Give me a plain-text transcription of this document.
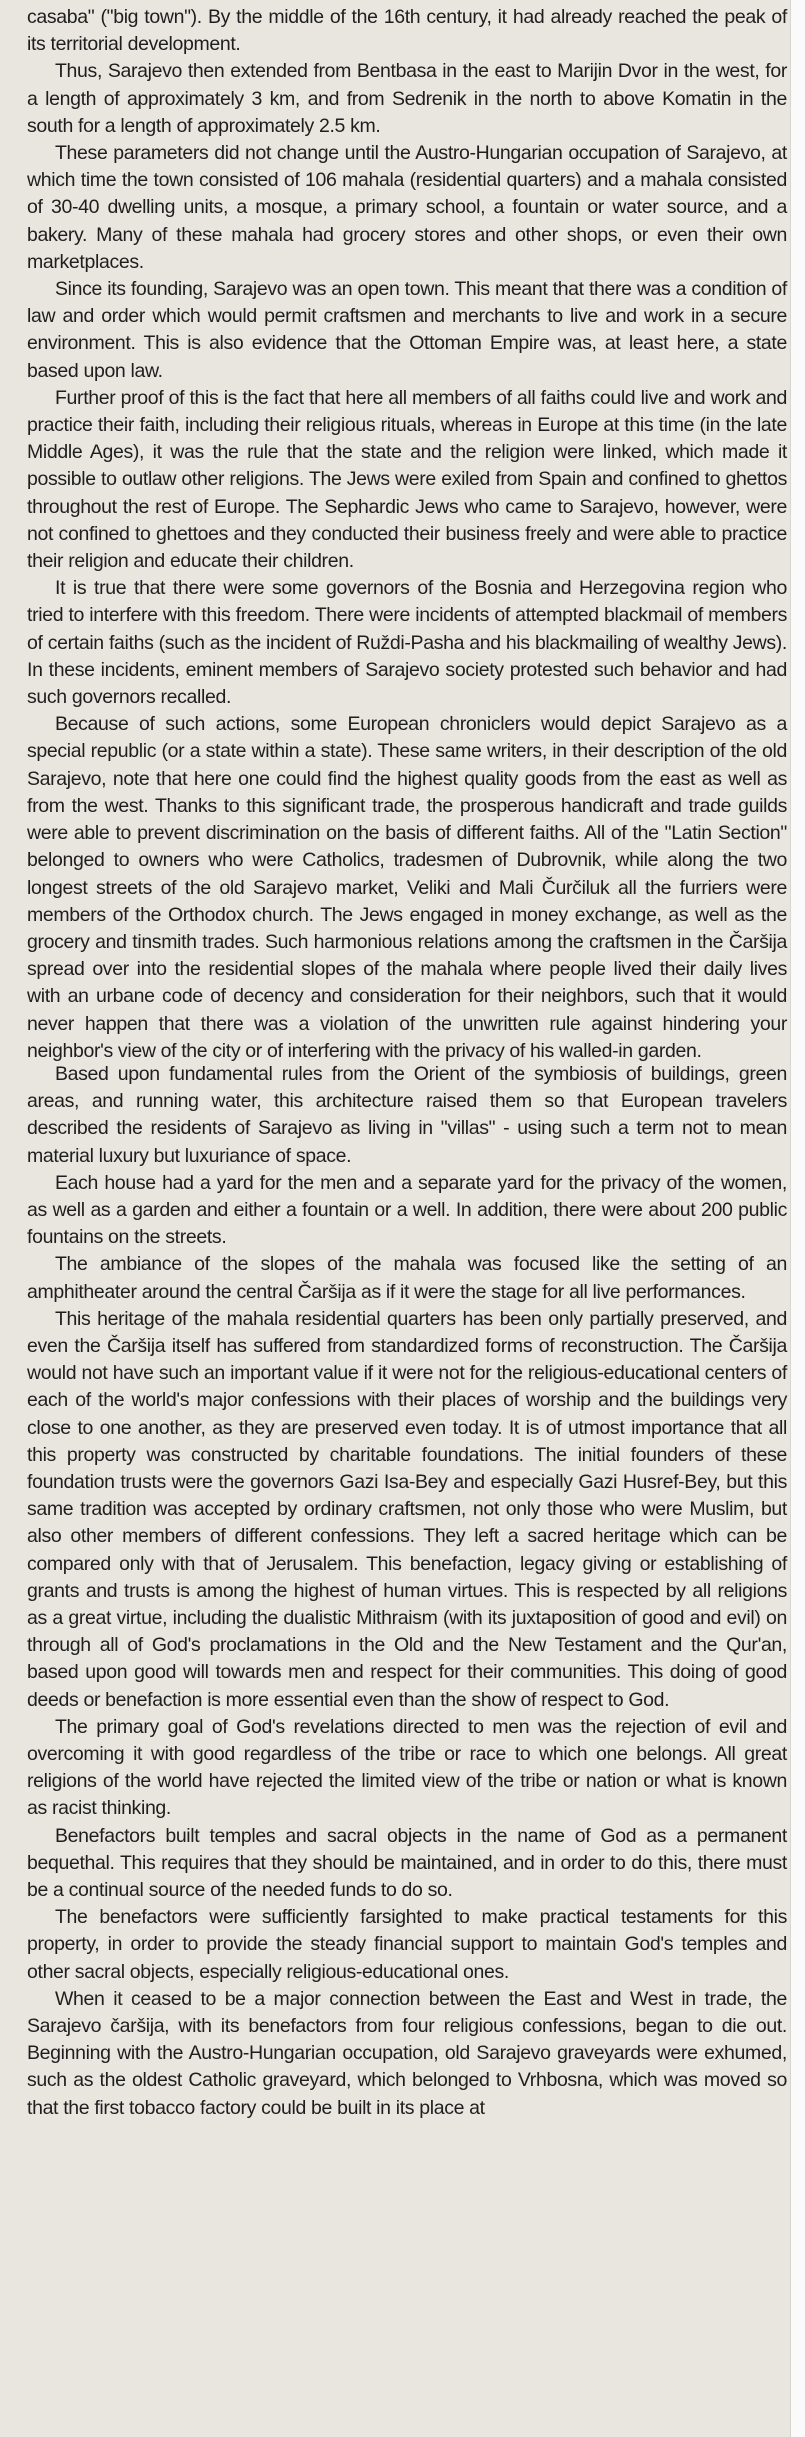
casaba" ("big town"). By the middle of the 16th century, it had already reached the peak of its territorial development.

Thus, Sarajevo then extended from Bentbasa in the east to Marijin Dvor in the west, for a length of approximately 3 km, and from Sedrenik in the north to above Komatin in the south for a length of approximately 2.5 km.

These parameters did not change until the Austro-Hungarian occupation of Sarajevo, at which time the town consisted of 106 mahala (residential quarters) and a mahala consisted of 30-40 dwelling units, a mosque, a primary school, a fountain or water source, and a bakery. Many of these mahala had grocery stores and other shops, or even their own marketplaces.

Since its founding, Sarajevo was an open town. This meant that there was a condition of law and order which would permit craftsmen and merchants to live and work in a secure environment. This is also evidence that the Ottoman Empire was, at least here, a state based upon law.

Further proof of this is the fact that here all members of all faiths could live and work and practice their faith, including their religious rituals, whereas in Europe at this time (in the late Middle Ages), it was the rule that the state and the religion were linked, which made it possible to outlaw other religions. The Jews were exiled from Spain and confined to ghettos throughout the rest of Europe. The Sephardic Jews who came to Sarajevo, however, were not confined to ghettoes and they conducted their business freely and were able to practice their religion and educate their children.

It is true that there were some governors of the Bosnia and Herzegovina region who tried to interfere with this freedom. There were incidents of attempted blackmail of members of certain faiths (such as the incident of Ruždi-Pasha and his blackmailing of wealthy Jews). In these incidents, eminent members of Sarajevo society protested such behavior and had such governors recalled.

Because of such actions, some European chroniclers would depict Sarajevo as a special republic (or a state within a state). These same writers, in their description of the old Sarajevo, note that here one could find the highest quality goods from the east as well as from the west. Thanks to this significant trade, the prosperous handicraft and trade guilds were able to prevent discrimination on the basis of different faiths. All of the "Latin Section" belonged to owners who were Catholics, tradesmen of Dubrovnik, while along the two longest streets of the old Sarajevo market, Veliki and Mali Čurčiluk all the furriers were members of the Orthodox church. The Jews engaged in money exchange, as well as the grocery and tinsmith trades. Such harmonious relations among the craftsmen in the Čaršija spread over into the residential slopes of the mahala where people lived their daily lives with an urbane code of decency and consideration for their neighbors, such that it would never happen that there was a violation of the unwritten rule against hindering your neighbor's view of the city or of interfering with the privacy of his walled-in garden.

Based upon fundamental rules from the Orient of the symbiosis of buildings, green areas, and running water, this architecture raised them so that European travelers described the residents of Sarajevo as living in "villas" - using such a term not to mean material luxury but luxuriance of space.

Each house had a yard for the men and a separate yard for the privacy of the women, as well as a garden and either a fountain or a well. In addition, there were about 200 public fountains on the streets.

The ambiance of the slopes of the mahala was focused like the setting of an amphitheater around the central Čaršija as if it were the stage for all live performances.

This heritage of the mahala residential quarters has been only partially preserved, and even the Čaršija itself has suffered from standardized forms of reconstruction. The Čaršija would not have such an important value if it were not for the religious-educational centers of each of the world's major confessions with their places of worship and the buildings very close to one another, as they are preserved even today. It is of utmost importance that all this property was constructed by charitable foundations. The initial founders of these foundation trusts were the governors Gazi Isa-Bey and especially Gazi Husref-Bey, but this same tradition was accepted by ordinary craftsmen, not only those who were Muslim, but also other members of different confessions. They left a sacred heritage which can be compared only with that of Jerusalem. This benefaction, legacy giving or establishing of grants and trusts is among the highest of human virtues. This is respected by all religions as a great virtue, including the dualistic Mithraism (with its juxtaposition of good and evil) on through all of God's proclamations in the Old and the New Testament and the Qur'an, based upon good will towards men and respect for their communities. This doing of good deeds or benefaction is more essential even than the show of respect to God.

The primary goal of God's revelations directed to men was the rejection of evil and overcoming it with good regardless of the tribe or race to which one belongs. All great religions of the world have rejected the limited view of the tribe or nation or what is known as racist thinking.

Benefactors built temples and sacral objects in the name of God as a permanent bequethal. This requires that they should be maintained, and in order to do this, there must be a continual source of the needed funds to do so.

The benefactors were sufficiently farsighted to make practical testaments for this property, in order to provide the steady financial support to maintain God's temples and other sacral objects, especially religious-educational ones.

When it ceased to be a major connection between the East and West in trade, the Sarajevo čaršija, with its benefactors from four religious confessions, began to die out. Beginning with the Austro-Hungarian occupation, old Sarajevo graveyards were exhumed, such as the oldest Catholic graveyard, which belonged to Vrhbosna, which was moved so that the first tobacco factory could be built in its place at
